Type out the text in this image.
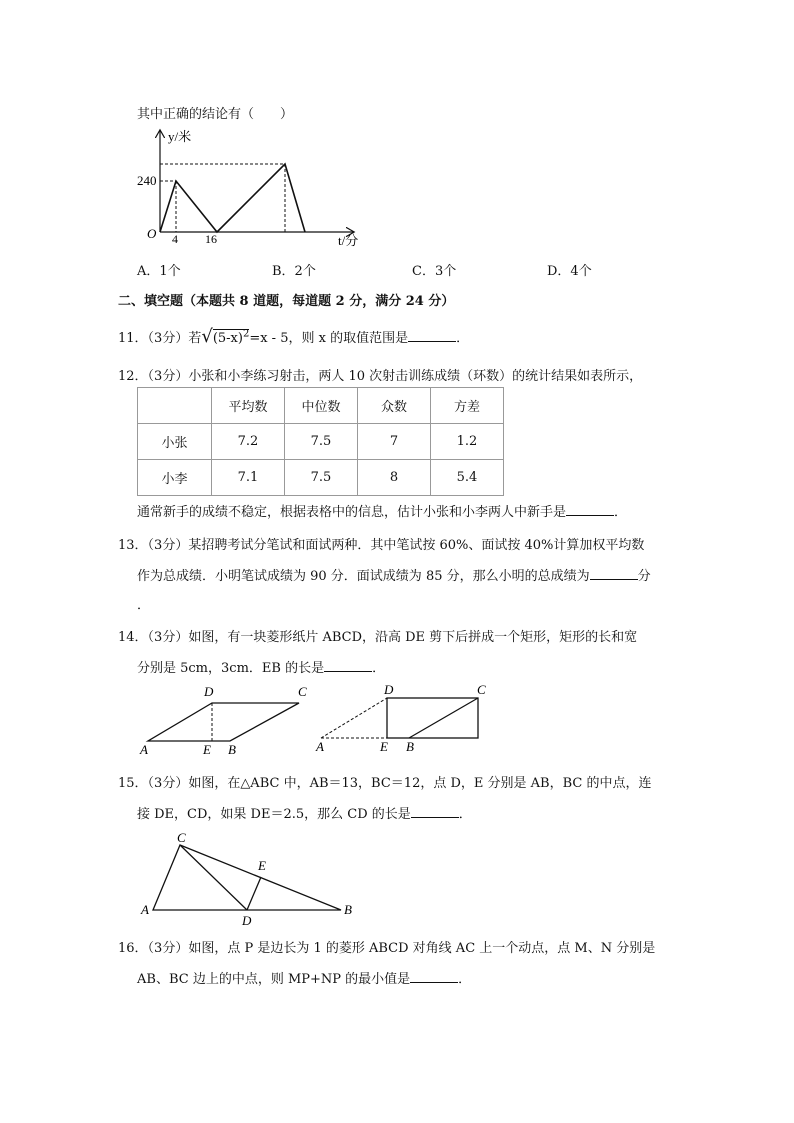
其中正确的结论有（　　）
y/米
240
O 4 16	t/分
A．1个	B．2个	C．3个	D．4个
二、填空题（本题共 8 道题，每道题 2 分，满分 24 分）
11．（3分）若$√(5-x)^2=x - 5$，则 x 的取值范围是	．
12．（3分）小张和小李练习射击，两人 10 次射击训练成绩（环数）的统计结果如表所示，
	平均数	中位数	众数	方差
小张	7.2	7.5	7	1.2
小李	7.1	7.5	8	5.4
通常新手的成绩不稳定，根据表格中的信息，估计小张和小李两人中新手是	．
13．（3分）某招聘考试分笔试和面试两种．其中笔试按 60%、面试按 40%计算加权平均数
作为总成绩．小明笔试成绩为 90 分．面试成绩为 85 分，那么小明的总成绩为	分
．
14．（3分）如图，有一块菱形纸片 ABCD，沿高 DE 剪下后拼成一个矩形，矩形的长和宽
分别是 5cm，3cm．EB 的长是	．
A	E B
D	C
A	E B
D	C
15．（3分）如图，在△ABC 中，AB＝13，BC＝12，点 D，E 分别是 AB，BC 的中点，连
接 DE，CD，如果 DE＝2.5，那么 CD 的长是	．
C
E
A
D
B
16．（3分）如图，点 P 是边长为 1 的菱形 ABCD 对角线 AC 上一个动点，点 M、N 分别是
AB、BC 边上的中点，则 MP+NP 的最小值是	．
